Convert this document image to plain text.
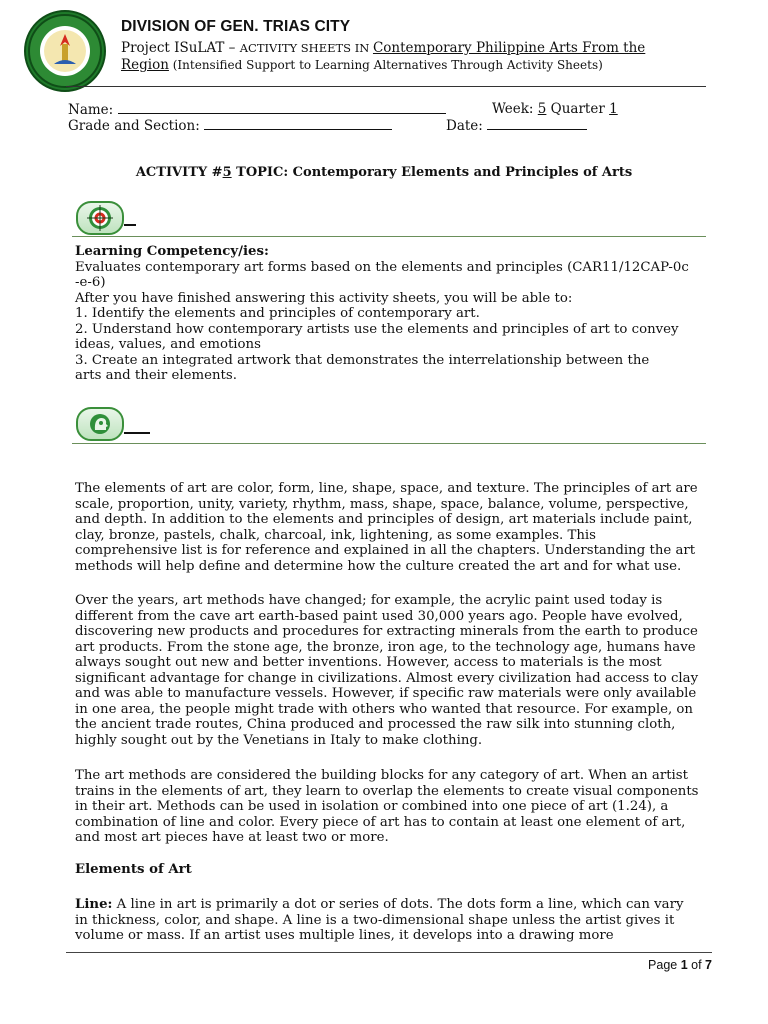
DIVISION OF GEN. TRIAS CITY
Project ISuLAT – ACTIVITY SHEETS IN Contemporary Philippine Arts From the
Region (Intensified Support to Learning Alternatives Through Activity Sheets)
Name:	Week: 5 Quarter 1
Grade and Section:	Date:
ACTIVITY #5 TOPIC: Contemporary Elements and Principles of Arts

Learning Competency/ies:

Evaluates contemporary art forms based on the elements and principles (CAR11/12CAP-0c

-e-6)

After you have finished answering this activity sheets, you will be able to:

1. Identify the elements and principles of contemporary art.

2. Understand how contemporary artists use the elements and principles of art to convey

ideas, values, and emotions

3. Create an integrated artwork that demonstrates the interrelationship between the

arts and their elements.

The elements of art are color, form, line, shape, space, and texture. The principles of art are

scale, proportion, unity, variety, rhythm, mass, shape, space, balance, volume, perspective,

and depth. In addition to the elements and principles of design, art materials include paint,

clay, bronze, pastels, chalk, charcoal, ink, lightening, as some examples. This

comprehensive list is for reference and explained in all the chapters. Understanding the art

methods will help define and determine how the culture created the art and for what use.

Over the years, art methods have changed; for example, the acrylic paint used today is

different from the cave art earth-based paint used 30,000 years ago. People have evolved,

discovering new products and procedures for extracting minerals from the earth to produce

art products. From the stone age, the bronze, iron age, to the technology age, humans have

always sought out new and better inventions. However, access to materials is the most

significant advantage for change in civilizations. Almost every civilization had access to clay

and was able to manufacture vessels. However, if specific raw materials were only available

in one area, the people might trade with others who wanted that resource. For example, on

the ancient trade routes, China produced and processed the raw silk into stunning cloth,

highly sought out by the Venetians in Italy to make clothing.

The art methods are considered the building blocks for any category of art. When an artist

trains in the elements of art, they learn to overlap the elements to create visual components

in their art. Methods can be used in isolation or combined into one piece of art (1.24), a

combination of line and color. Every piece of art has to contain at least one element of art,

and most art pieces have at least two or more.

Elements of Art

Line: A line in art is primarily a dot or series of dots. The dots form a line, which can vary

in thickness, color, and shape. A line is a two-dimensional shape unless the artist gives it

volume or mass. If an artist uses multiple lines, it develops into a drawing more

Page 1 of 7
